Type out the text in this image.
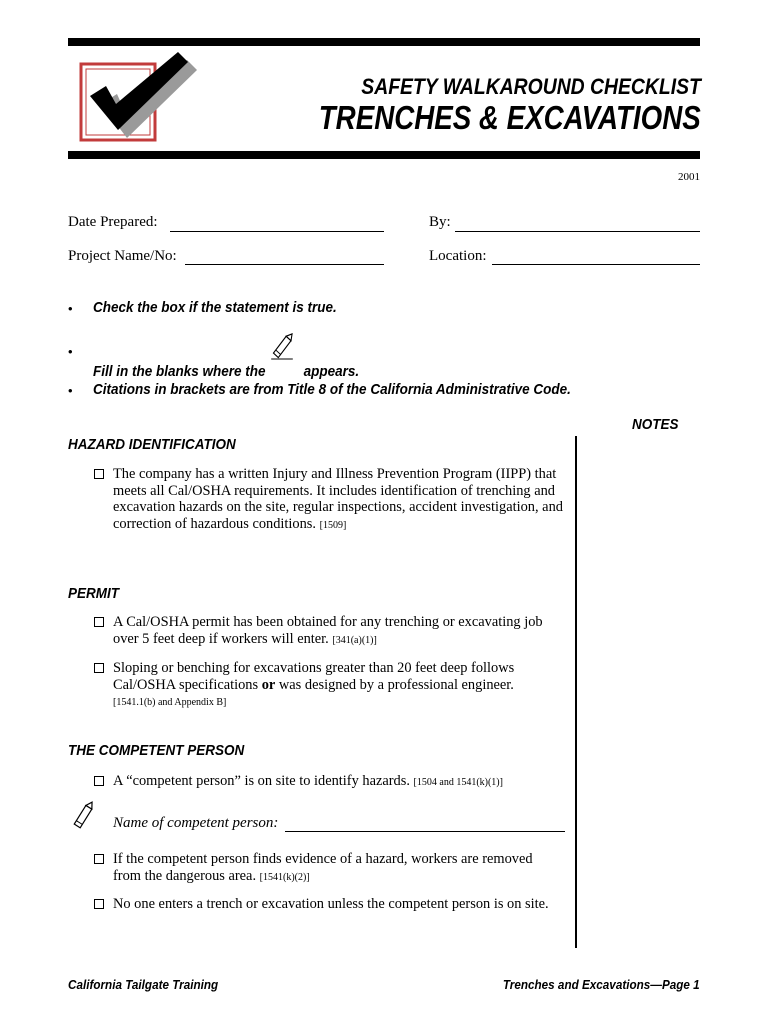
SAFETY WALKAROUND CHECKLIST
TRENCHES & EXCAVATIONS
2001
Date Prepared:	By:
Project Name/No:	Location:
• Check the box if the statement is true.
•
Fill in the blanks where the	appears.
• Citations in brackets are from Title 8 of the California Administrative Code.
NOTES
HAZARD IDENTIFICATION
The company has a written Injury and Illness Prevention Program (IIPP) that meets all Cal/OSHA requirements. It includes identification of trenching and excavation hazards on the site, regular inspections, accident investigation, and correction of hazardous conditions. [1509]
PERMIT
A Cal/OSHA permit has been obtained for any trenching or excavating job over 5 feet deep if workers will enter. [341(a)(1)]
Sloping or benching for excavations greater than 20 feet deep follows Cal/OSHA specifications or was designed by a professional engineer.
[1541.1(b) and Appendix B]
THE COMPETENT PERSON
A “competent person” is on site to identify hazards. [1504 and 1541(k)(1)]
Name of competent person:
If the competent person finds evidence of a hazard, workers are removed from the dangerous area. [1541(k)(2)]
No one enters a trench or excavation unless the competent person is on site.
California Tailgate Training	Trenches and Excavations—Page 1
